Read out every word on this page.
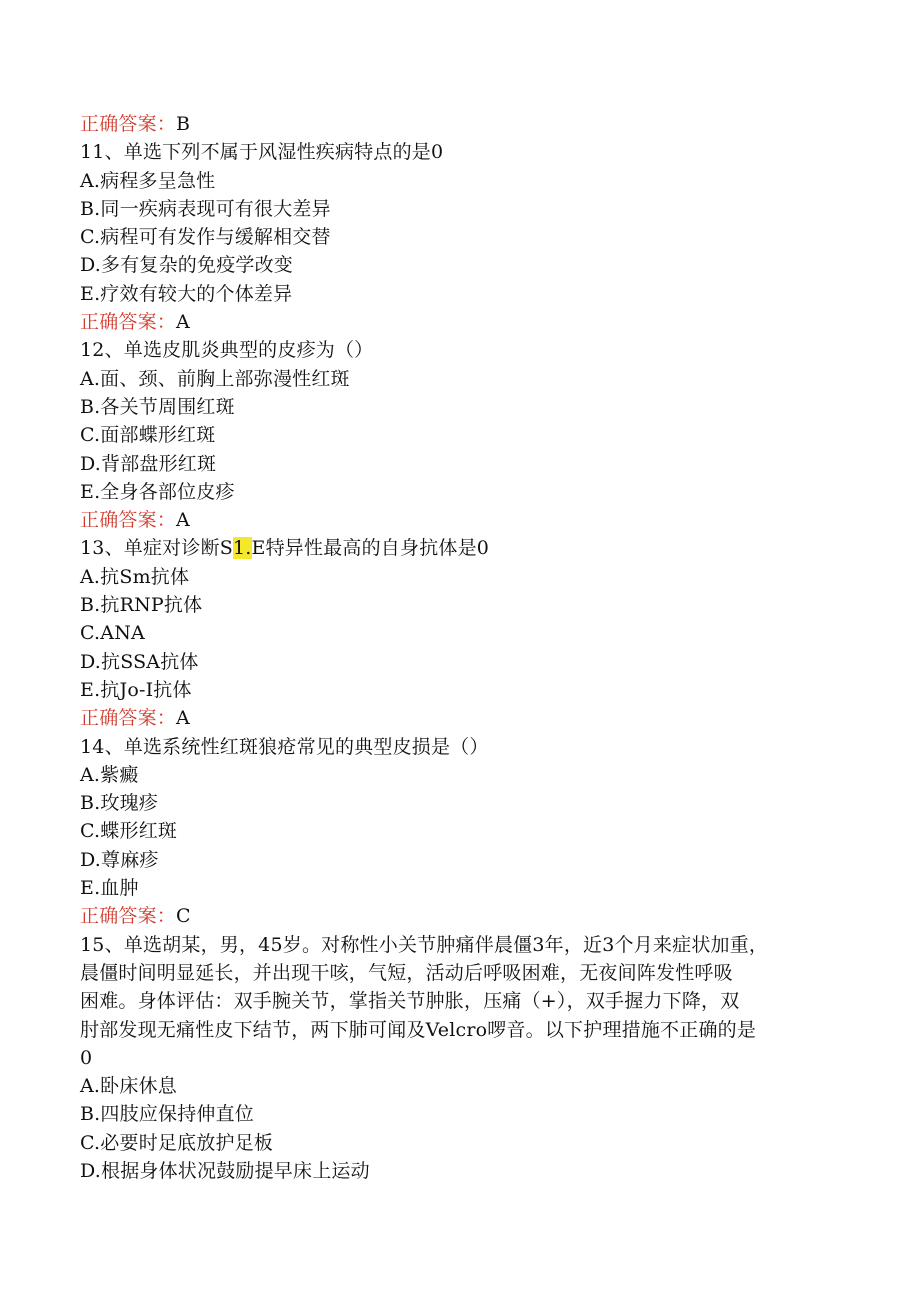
正确答案：B
11、单选下列不属于风湿性疾病特点的是0
A.病程多呈急性
B.同一疾病表现可有很大差异
C.病程可有发作与缓解相交替
D.多有复杂的免疫学改变
E.疗效有较大的个体差异
正确答案：A
12、单选皮肌炎典型的皮疹为（）
A.面、颈、前胸上部弥漫性红斑
B.各关节周围红斑
C.面部蝶形红斑
D.背部盘形红斑
E.全身各部位皮疹
正确答案：A
13、单症对诊断S1.E特异性最高的自身抗体是0
A.抗Sm抗体
B.抗RNP抗体
C.ANA
D.抗SSA抗体
E.抗Jo-I抗体
正确答案：A
14、单选系统性红斑狼疮常见的典型皮损是（）
A.紫癜
B.玫瑰疹
C.蝶形红斑
D.尊麻疹
E.血肿
正确答案：C
15、单选胡某，男，45岁。对称性小关节肿痛伴晨僵3年，近3个月来症状加重，
晨僵时间明显延长，并出现干咳，气短，活动后呼吸困难，无夜间阵发性呼吸
困难。身体评估：双手腕关节，掌指关节肿胀，压痛（+），双手握力下降，双
肘部发现无痛性皮下结节，两下肺可闻及Velcro啰音。以下护理措施不正确的是
0
A.卧床休息
B.四肢应保持伸直位
C.必要时足底放护足板
D.根据身体状况鼓励提早床上运动
